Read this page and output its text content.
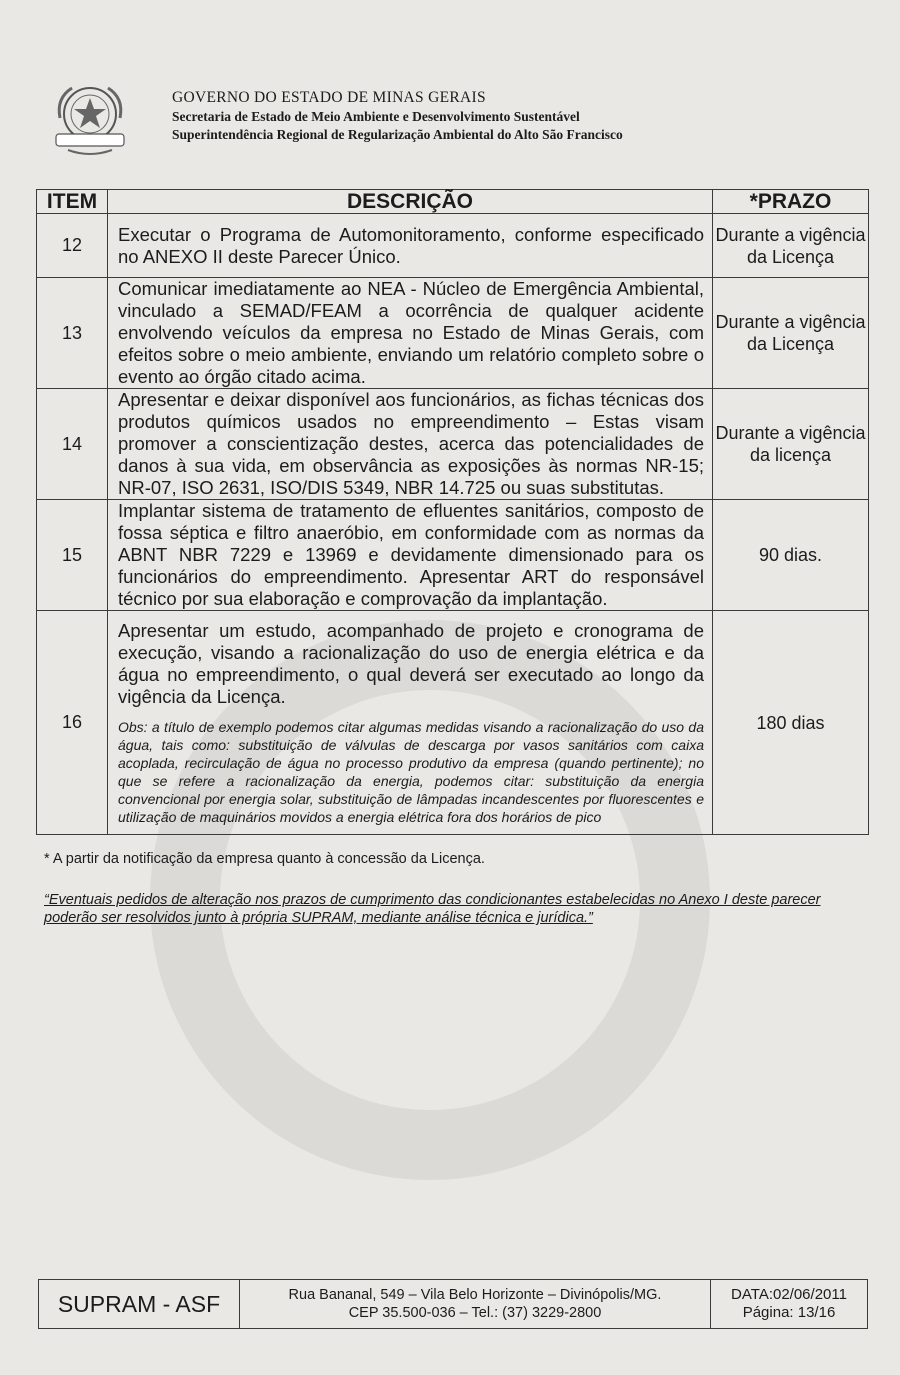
GOVERNO DO ESTADO DE MINAS GERAIS
Secretaria de Estado de Meio Ambiente e Desenvolvimento Sustentável
Superintendência Regional de Regularização Ambiental do Alto São Francisco
ITEM	DESCRIÇÃO	*PRAZO
12	Executar o Programa de Automonitoramento, conforme especificado no ANEXO II deste Parecer Único.	Durante a vigência da Licença
13	Comunicar imediatamente ao NEA - Núcleo de Emergência Ambiental, vinculado a SEMAD/FEAM a ocorrência de qualquer acidente envolvendo veículos da empresa no Estado de Minas Gerais, com efeitos sobre o meio ambiente, enviando um relatório completo sobre o evento ao órgão citado acima.	Durante a vigência da Licença
14	Apresentar e deixar disponível aos funcionários, as fichas técnicas dos produtos químicos usados no empreendimento – Estas visam promover a conscientização destes, acerca das potencialidades de danos à sua vida, em observância as exposições às normas NR-15; NR-07, ISO 2631, ISO/DIS 5349, NBR 14.725 ou suas substitutas.	Durante a vigência da licença
15	Implantar sistema de tratamento de efluentes sanitários, composto de fossa séptica e filtro anaeróbio, em conformidade com as normas da ABNT NBR 7229 e 13969 e devidamente dimensionado para os funcionários do empreendimento. Apresentar ART do responsável técnico por sua elaboração e comprovação da implantação.	90 dias.
16	Apresentar um estudo, acompanhado de projeto e cronograma de execução, visando a racionalização do uso de energia elétrica e da água no empreendimento, o qual deverá ser executado ao longo da vigência da Licença.

Obs: a título de exemplo podemos citar algumas medidas visando a racionalização do uso da água, tais como: substituição de válvulas de descarga por vasos sanitários com caixa acoplada, recirculação de água no processo produtivo da empresa (quando pertinente); no que se refere a racionalização da energia, podemos citar: substituição da energia convencional por energia solar, substituição de lâmpadas incandescentes por fluorescentes e utilização de maquinários movidos a energia elétrica fora dos horários de pico	180 dias
* A partir da notificação da empresa quanto à concessão da Licença.
“Eventuais pedidos de alteração nos prazos de cumprimento das condicionantes estabelecidas no Anexo I deste parecer poderão ser resolvidos junto à própria SUPRAM, mediante análise técnica e jurídica.”
SUPRAM - ASF	Rua Bananal, 549 – Vila Belo Horizonte – Divinópolis/MG.
CEP 35.500-036 – Tel.: (37) 3229-2800
DATA:02/06/2011
Página: 13/16
